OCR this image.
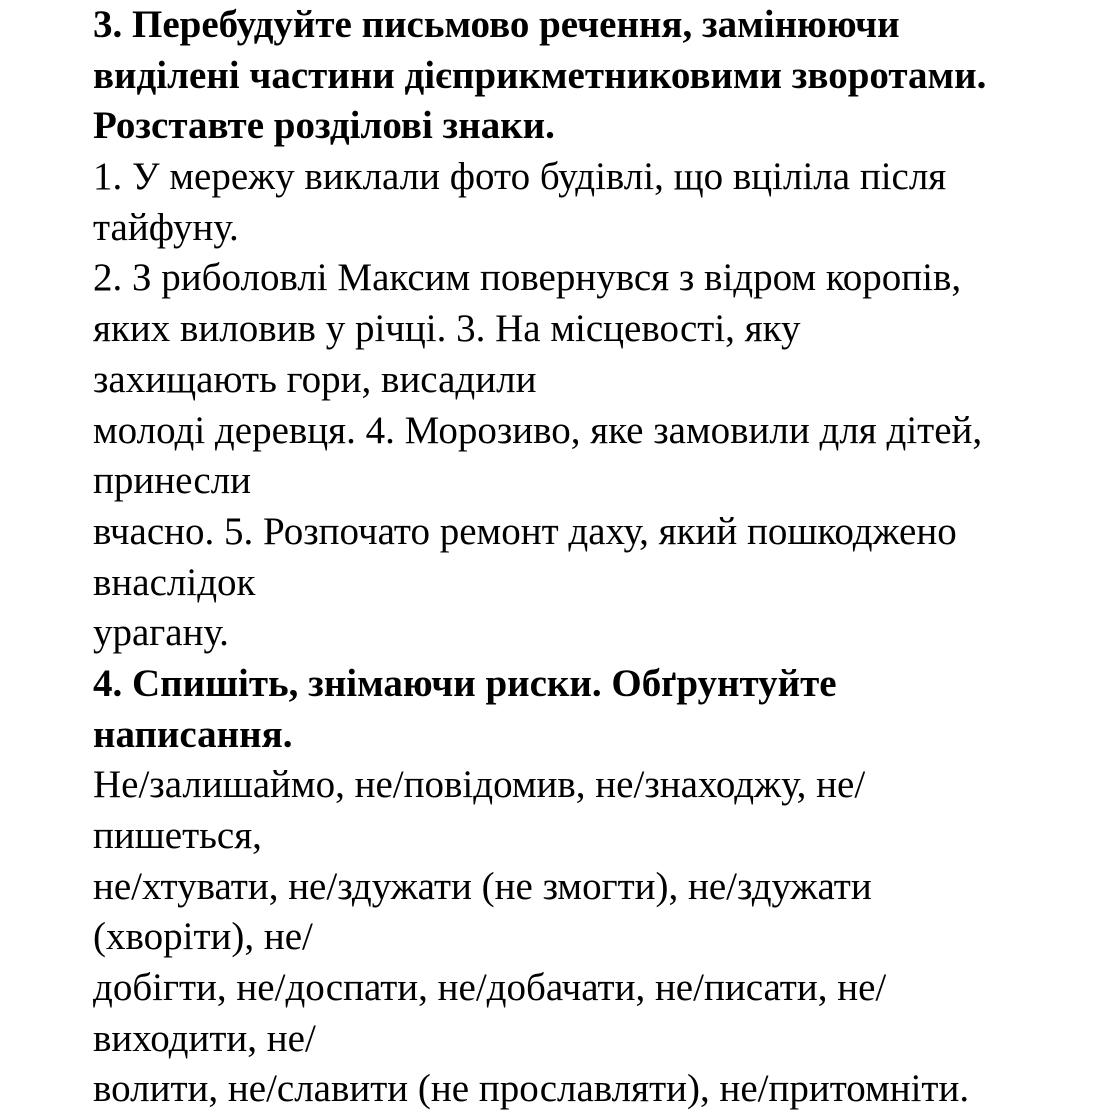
3. Перебудуйте письмово речення, замінюючи
виділені частини дієприкметниковими зворотами.
Розставте розділові знаки.
1. У мережу виклали фото будівлі, що вціліла після
тайфуну.
2. З риболовлі Максим повернувся з відром коропів,
яких виловив у річці. 3. На місцевості, яку
захищають гори, висадили
молоді деревця. 4. Морозиво, яке замовили для дітей,
принесли
вчасно. 5. Розпочато ремонт даху, який пошкоджено
внаслідок
урагану.
4. Спишіть, знімаючи риски. Обґрунтуйте
написання.
Не/залишаймо, не/повідомив, не/знаходжу, не/
пишеться,
не/хтувати, не/здужати (не змогти), не/здужати
(хворіти), не/
добігти, не/доспати, не/добачати, не/писати, не/
виходити, не/
волити, не/славити (не прославляти), не/притомніти.
